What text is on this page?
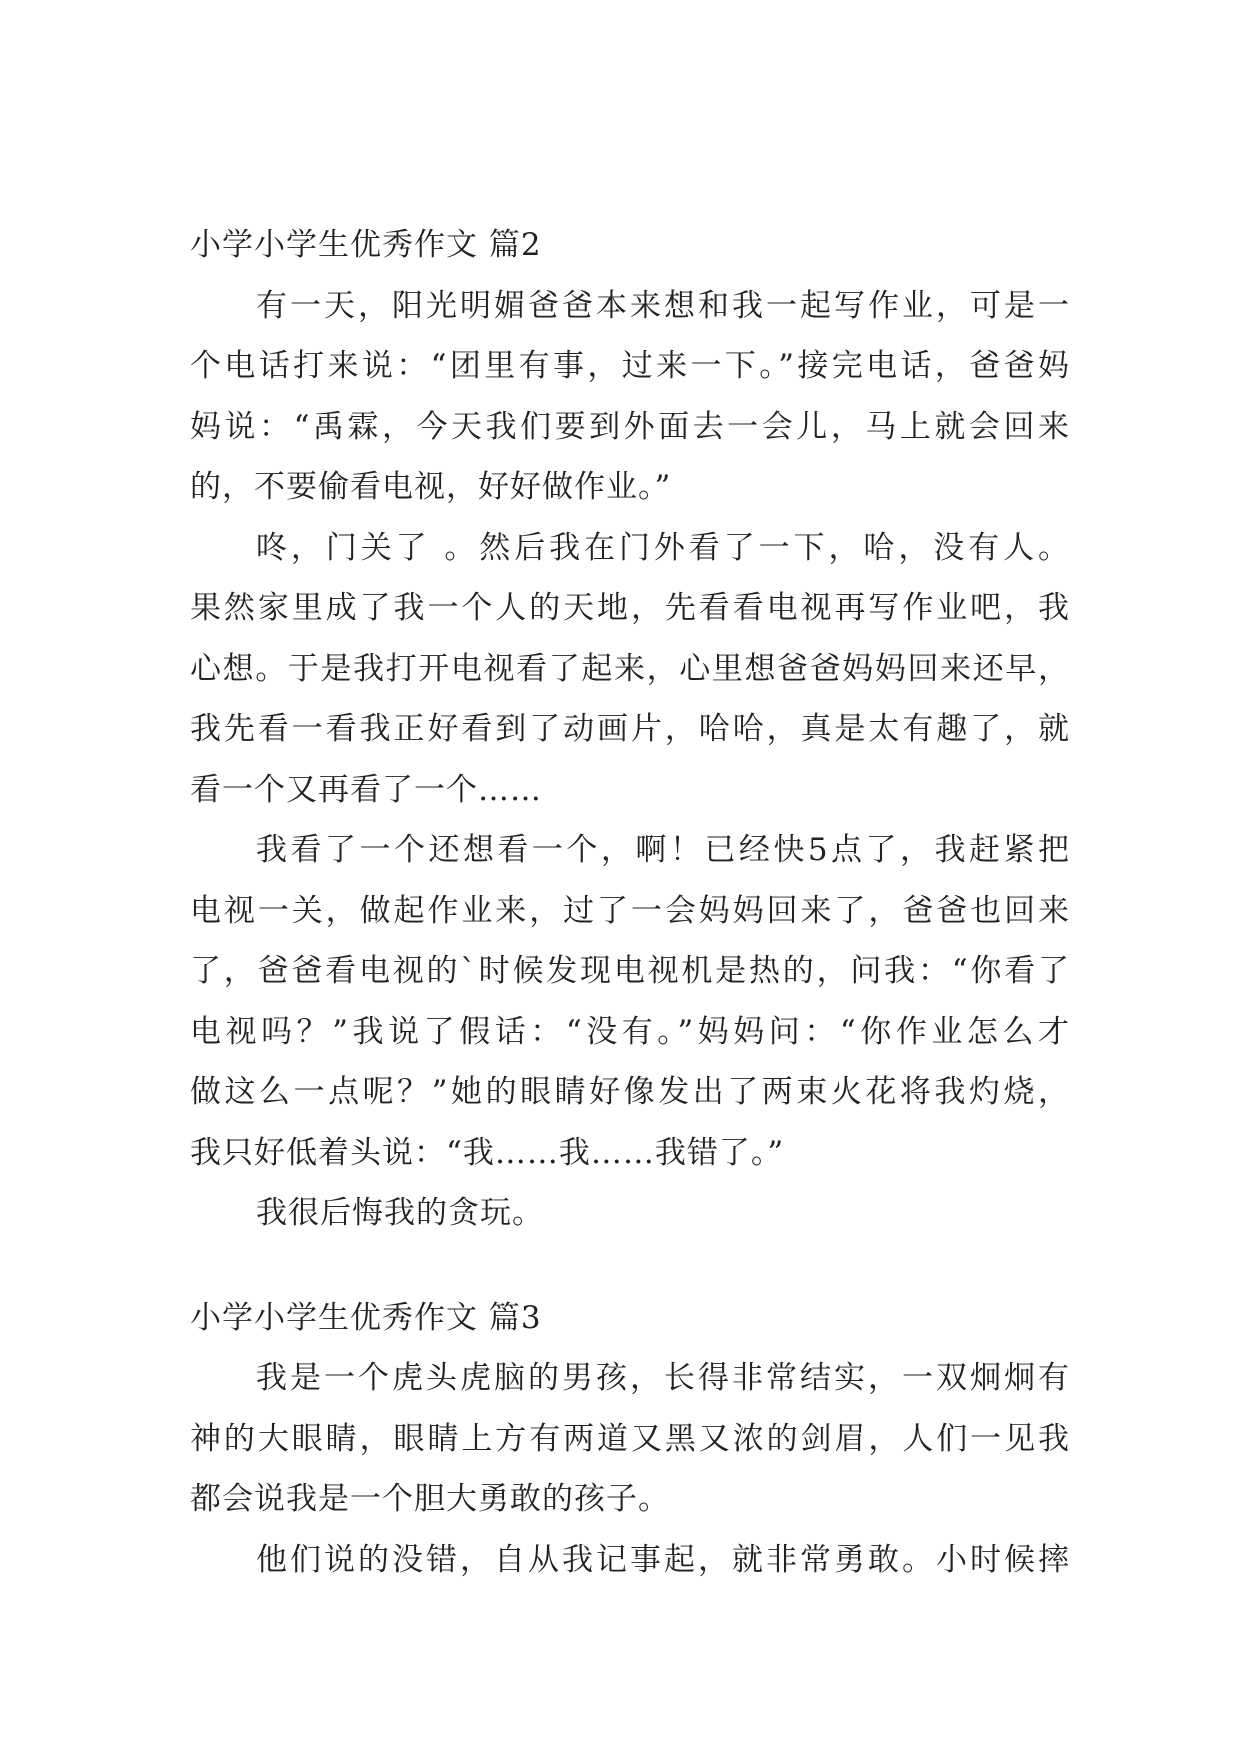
小学小学生优秀作文 篇2
有一天，阳光明媚爸爸本来想和我一起写作业，可是一
个电话打来说：“团里有事，过来一下。”接完电话，爸爸妈
妈说：“禹霖，今天我们要到外面去一会儿，马上就会回来
的，不要偷看电视，好好做作业。”
咚，门关了 。然后我在门外看了一下，哈，没有人。
果然家里成了我一个人的天地，先看看电视再写作业吧，我
心想。于是我打开电视看了起来，心里想爸爸妈妈回来还早，
我先看一看我正好看到了动画片，哈哈，真是太有趣了，就
看一个又再看了一个……
我看了一个还想看一个，啊！已经快5点了，我赶紧把
电视一关，做起作业来，过了一会妈妈回来了，爸爸也回来
了，爸爸看电视的`时候发现电视机是热的，问我：“你看了
电视吗？”我说了假话：“没有。”妈妈问：“你作业怎么才
做这么一点呢？”她的眼睛好像发出了两束火花将我灼烧，
我只好低着头说：“我……我……我错了。”
我很后悔我的贪玩。
小学小学生优秀作文 篇3
我是一个虎头虎脑的男孩，长得非常结实，一双炯炯有
神的大眼睛，眼睛上方有两道又黑又浓的剑眉，人们一见我
都会说我是一个胆大勇敢的孩子。
他们说的没错，自从我记事起，就非常勇敢。小时候摔
